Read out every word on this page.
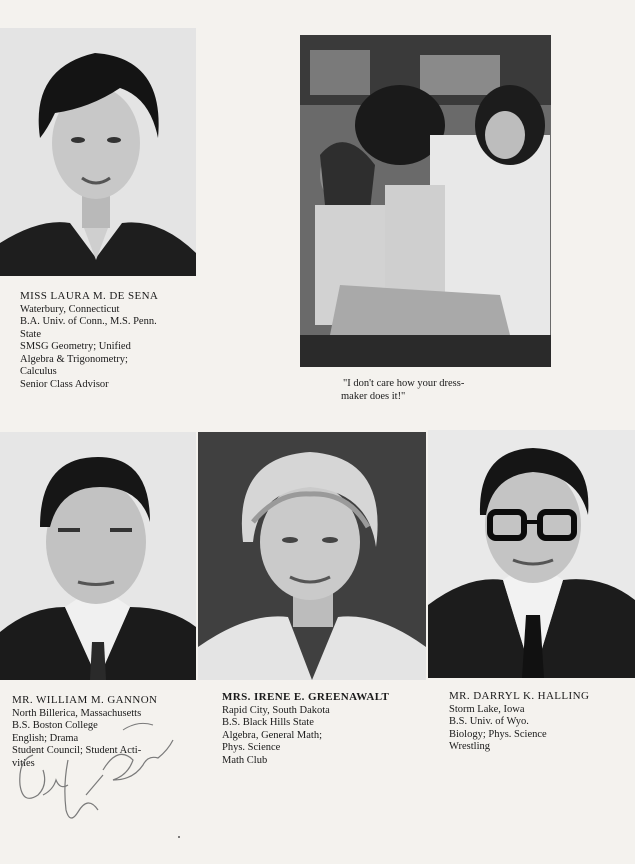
MISS LAURA M. DE SENA
Waterbury, Connecticut
B.A. Univ. of Conn., M.S. Penn.
State
SMSG Geometry; Unified
Algebra & Trigonometry;
Calculus
Senior Class Advisor	"I don't care how your dress-
maker does it!"
MR. WILLIAM M. GANNON
North Billerica, Massachusetts
B.S. Boston College
English; Drama
Student Council; Student Acti-
vities
MRS. IRENE E. GREENAWALT
Rapid City, South Dakota
B.S. Black Hills State
Algebra, General Math;
Phys. Science
Math Club
MR. DARRYL K. HALLING
Storm Lake, Iowa
B.S. Univ. of Wyo.
Biology; Phys. Science
Wrestling
